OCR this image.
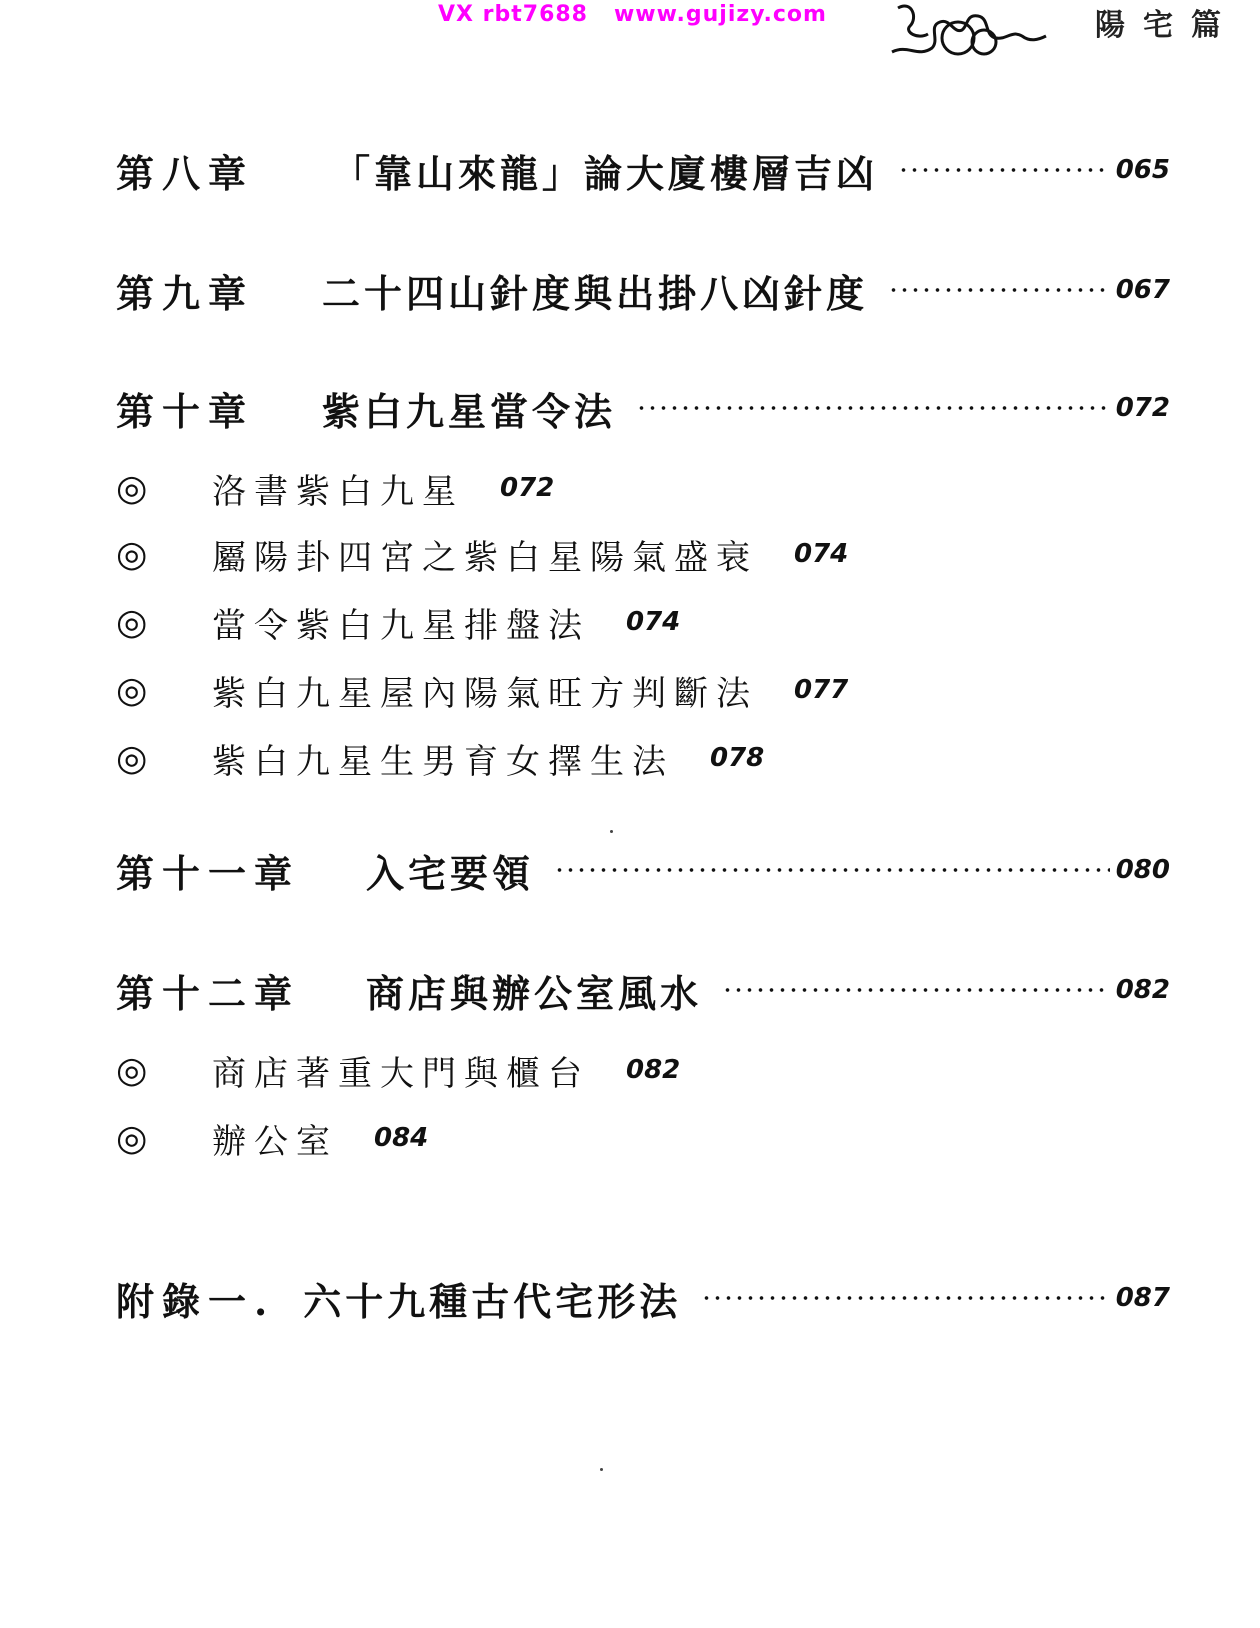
VX rbt7688   www.gujizy.com	陽宅篇
第八章 「靠山來龍」論大廈樓層吉凶	065
第九章 二十四山針度與出掛八凶針度	067
第十章 紫白九星當令法	072
◎	洛書紫白九星 072
◎	屬陽卦四宮之紫白星陽氣盛衰 074
◎	當令紫白九星排盤法 074
◎	紫白九星屋內陽氣旺方判斷法 077
◎	紫白九星生男育女擇生法 078
第十一章 入宅要領	080
第十二章 商店與辦公室風水	082
◎	商店著重大門與櫃台 082
◎	辦公室 084
附錄一. 六十九種古代宅形法	087
